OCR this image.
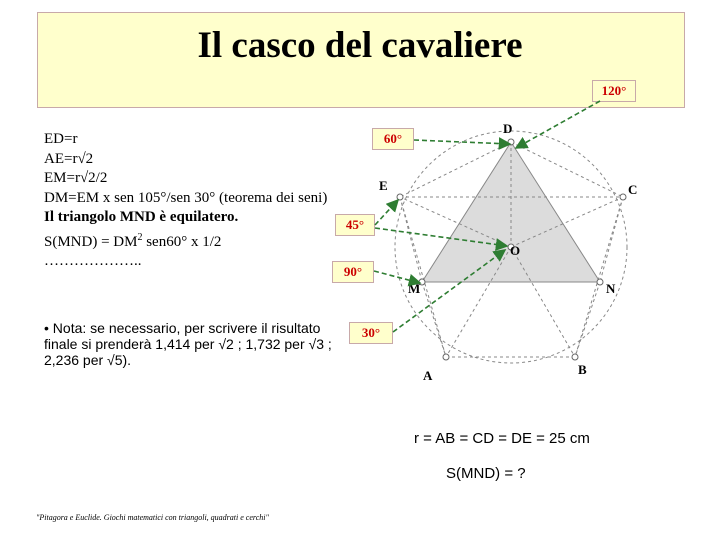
Il casco del cavaliere
120°
60°
45°
90°
30°
ED=r
AE=r√2
EM=r√2/2
DM=EM x sen 105°/sen 30° (teorema dei seni)
Il triangolo MND è equilatero.
$S(MND) = DM^2$ sen60° x 1/2
………………..
• Nota: se necessario, per scrivere il risultato finale si prenderà 1,414 per √2 ; 1,732 per √3 ; 2,236 per √5).
D
E	C
O
M	N
A	B
r = AB = CD = DE = 25 cm
S(MND) = ?
"Pitagora e Euclide. Giochi matematici con triangoli, quadrati e cerchi"
